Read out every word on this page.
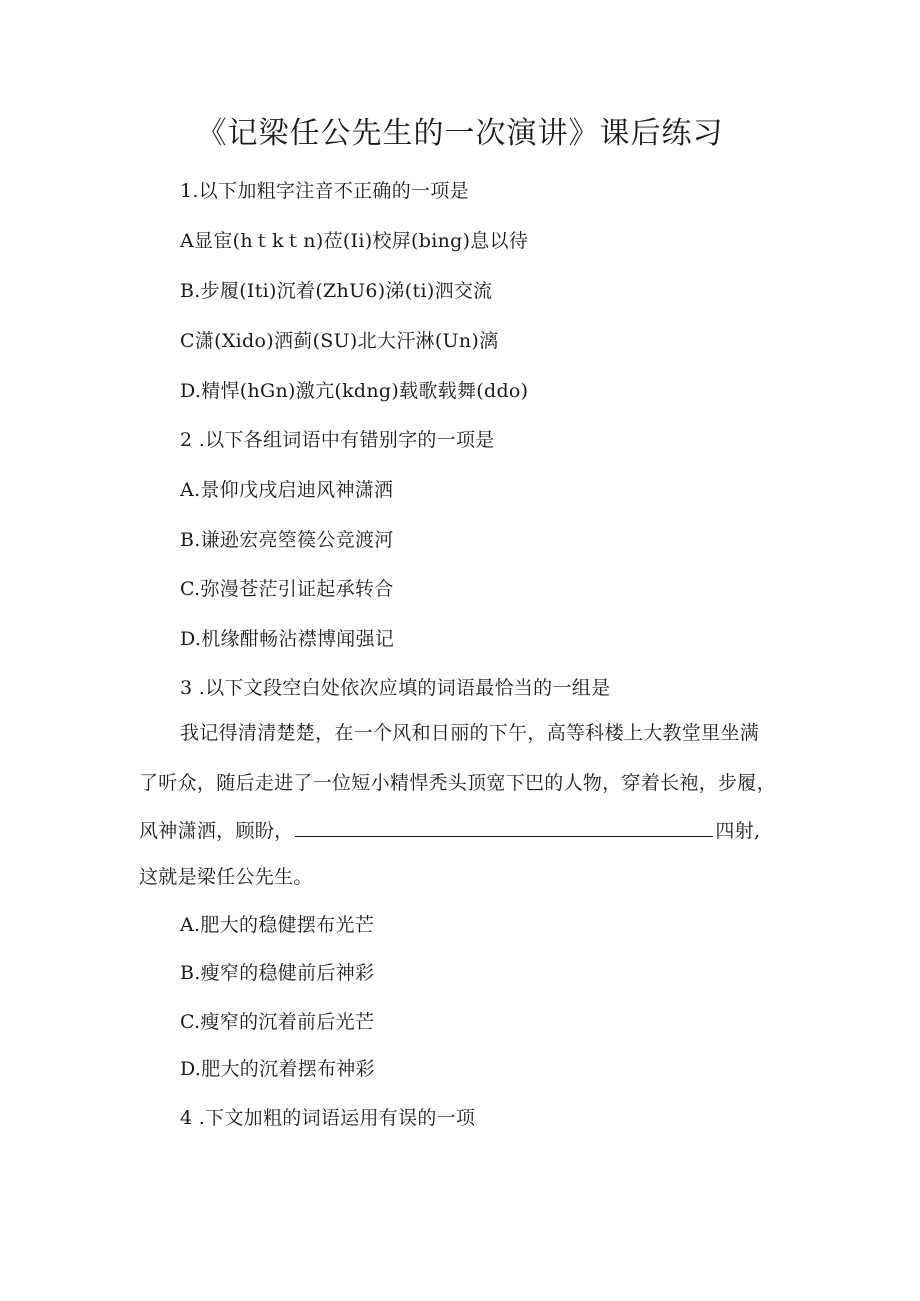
《记梁任公先生的一次演讲》课后练习
1.以下加粗字注音不正确的一项是
A显宦(hｔkｔn)莅(Ii)校屏(bing)息以待
B.步履(Iti)沉着(ZhU6)涕(ti)泗交流
C潇(Xido)洒蓟(SU)北大汗淋(Un)漓
D.精悍(hGn)激亢(kdng)载歌载舞(ddo)
2 .以下各组词语中有错别字的一项是
A.景仰戊戌启迪风神潇洒
B.谦逊宏亮箜篌公竞渡河
C.弥漫苍茫引证起承转合
D.机缘酣畅沾襟博闻强记
3 .以下文段空白处依次应填的词语最恰当的一组是
我记得清清楚楚，在一个风和日丽的下午，高等科楼上大教堂里坐满
了听众，随后走进了一位短小精悍秃头顶宽下巴的人物，穿着长袍，步履，
风神潇洒，顾盼，	四射,
这就是梁任公先生。
A.肥大的稳健摆布光芒
B.瘦窄的稳健前后神彩
C.瘦窄的沉着前后光芒
D.肥大的沉着摆布神彩
4 .下文加粗的词语运用有误的一项
